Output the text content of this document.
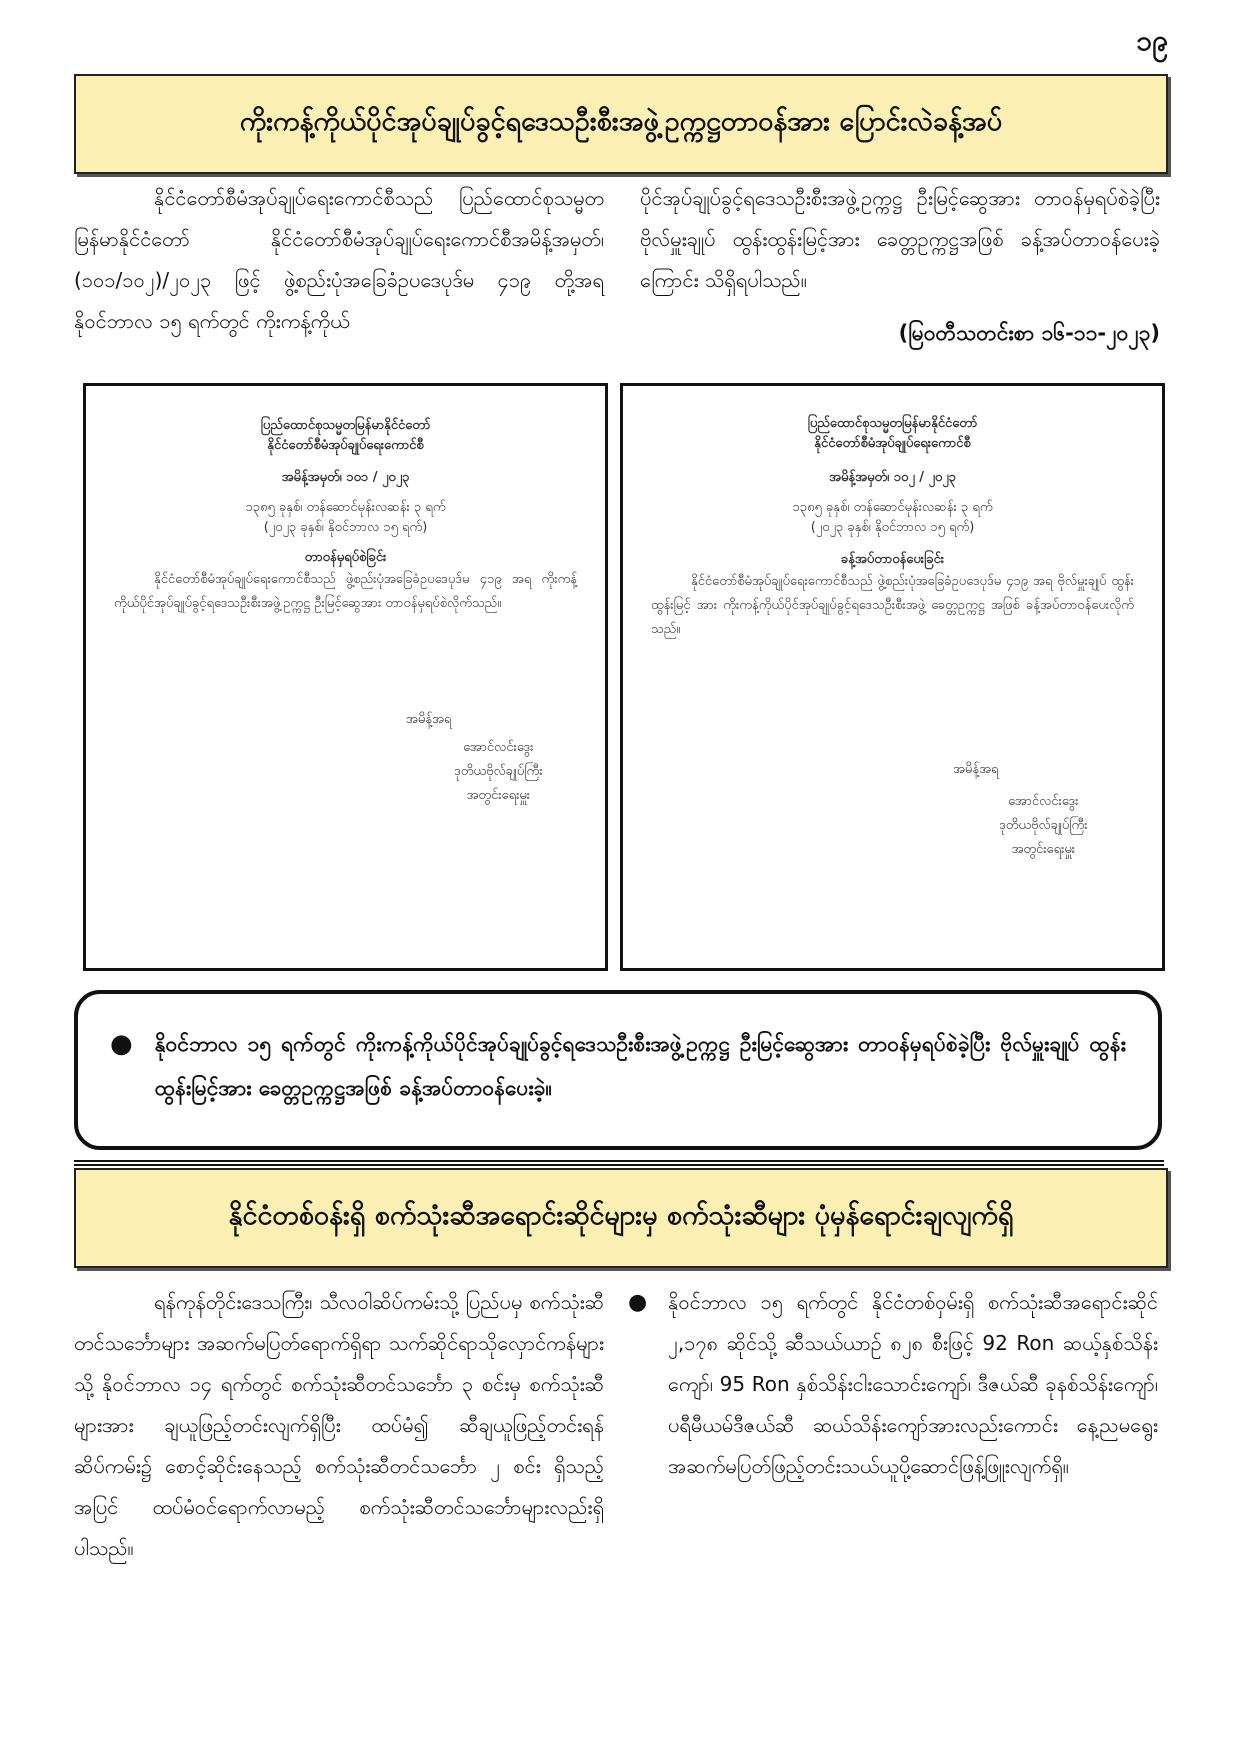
၁၉
ကိုးကန့်ကိုယ်ပိုင်အုပ်ချုပ်ခွင့်ရဒေသဦးစီးအဖွဲ့ဥက္ကဋ္ဌတာဝန်အား ပြောင်းလဲခန့်အပ်

နိုင်ငံတော်စီမံအုပ်ချုပ်ရေးကောင်စီသည် ပြည်ထောင်စုသမ္မတမြန်မာနိုင်ငံတော် နိုင်ငံတော်စီမံအုပ်ချုပ်ရေးကောင်စီအမိန့်အမှတ်၊ (၁၀၁/၁၀၂)/၂၀၂၃ ဖြင့် ဖွဲ့စည်းပုံအခြေခံဥပဒေပုဒ်မ ၄၁၉ တို့အရ နိုဝင်ဘာလ ၁၅ ရက်တွင် ကိုးကန့်ကိုယ်

ပိုင်အုပ်ချုပ်ခွင့်ရဒေသဦးစီးအဖွဲ့ဥက္ကဋ္ဌ ဦးမြင့်ဆွေအား တာဝန်မှရပ်စဲခဲ့ပြီး ဗိုလ်မှူးချုပ် ထွန်းထွန်းမြင့်အား ခေတ္တဥက္ကဋ္ဌအဖြစ် ခန့်အပ်တာဝန်ပေးခဲ့ကြောင်း သိရှိရပါသည်။

(မြဝတီသတင်းစာ ၁၆-၁၁-၂၀၂၃)
ပြည်ထောင်စုသမ္မတမြန်မာနိုင်ငံတော်
နိုင်ငံတော်စီမံအုပ်ချုပ်ရေးကောင်စီ
အမိန့်အမှတ်၊ ၁၀၁ / ၂၀၂၃
၁၃၈၅ ခုနှစ်၊ တန်ဆောင်မုန်းလဆန်း ၃ ရက်
(၂၀၂၃ ခုနှစ်၊ နိုဝင်ဘာလ ၁၅ ရက်)
တာဝန်မှရပ်စဲခြင်း
နိုင်ငံတော်စီမံအုပ်ချုပ်ရေးကောင်စီသည် ဖွဲ့စည်းပုံအခြေခံဥပဒေပုဒ်မ ၄၁၉ အရ ကိုးကန့်ကိုယ်ပိုင်အုပ်ချုပ်ခွင့်ရဒေသဦးစီးအဖွဲ့ဥက္ကဋ္ဌ ဦးမြင့်ဆွေအား တာဝန်မှရပ်စဲလိုက်သည်။
အမိန့်အရ
အောင်လင်းဒွေး
ဒုတိယဗိုလ်ချုပ်ကြီး
အတွင်းရေးမှူး
ပြည်ထောင်စုသမ္မတမြန်မာနိုင်ငံတော်
နိုင်ငံတော်စီမံအုပ်ချုပ်ရေးကောင်စီ
အမိန့်အမှတ်၊ ၁၀၂ / ၂၀၂၃
၁၃၈၅ ခုနှစ်၊ တန်ဆောင်မုန်းလဆန်း ၃ ရက်
(၂၀၂၃ ခုနှစ်၊ နိုဝင်ဘာလ ၁၅ ရက်)
ခန့်အပ်တာဝန်ပေးခြင်း
နိုင်ငံတော်စီမံအုပ်ချုပ်ရေးကောင်စီသည် ဖွဲ့စည်းပုံအခြေခံဥပဒေပုဒ်မ ၄၁၉ အရ ဗိုလ်မှူးချုပ် ထွန်းထွန်းမြင့် အား ကိုးကန့်ကိုယ်ပိုင်အုပ်ချုပ်ခွင့်ရဒေသဦးစီးအဖွဲ့ ခေတ္တဥက္ကဋ္ဌ အဖြစ် ခန့်အပ်တာဝန်ပေးလိုက်သည်။
အမိန့်အရ
အောင်လင်းဒွေး
ဒုတိယဗိုလ်ချုပ်ကြီး
အတွင်းရေးမှူး
● နိုဝင်ဘာလ ၁၅ ရက်တွင် ကိုးကန့်ကိုယ်ပိုင်အုပ်ချုပ်ခွင့်ရဒေသဦးစီးအဖွဲ့ဥက္ကဋ္ဌ ဦးမြင့်ဆွေအား တာဝန်မှရပ်စဲခဲ့ပြီး ဗိုလ်မှူးချုပ် ထွန်းထွန်းမြင့်အား ခေတ္တဥက္ကဋ္ဌအဖြစ် ခန့်အပ်တာဝန်ပေးခဲ့။
နိုင်ငံတစ်ဝန်းရှိ စက်သုံးဆီအရောင်းဆိုင်များမှ စက်သုံးဆီများ ပုံမှန်ရောင်းချလျက်ရှိ

ရန်ကုန်တိုင်းဒေသကြီး၊ သီလဝါဆိပ်ကမ်းသို့ ပြည်ပမှ စက်သုံးဆီတင်သင်္ဘောများ အဆက်မပြတ်ရောက်ရှိရာ သက်ဆိုင်ရာသိုလှောင်ကန်များသို့ နိုဝင်ဘာလ ၁၄ ရက်တွင် စက်သုံးဆီတင်သင်္ဘော ၃ စင်းမှ စက်သုံးဆီများအား ချယူဖြည့်တင်းလျက်ရှိပြီး ထပ်မံ၍ ဆီချယူဖြည့်တင်းရန် ဆိပ်ကမ်း၌ စောင့်ဆိုင်းနေသည့် စက်သုံးဆီတင်သင်္ဘော ၂ စင်း ရှိသည့်အပြင် ထပ်မံဝင်ရောက်လာမည့် စက်သုံးဆီတင်သင်္ဘောများလည်းရှိပါသည်။

● နိုဝင်ဘာလ ၁၅ ရက်တွင် နိုင်ငံတစ်ဝှမ်းရှိ စက်သုံးဆီအရောင်းဆိုင် ၂,၁၇၈ ဆိုင်သို့ ဆီသယ်ယာဉ် ၈၂၈ စီးဖြင့် 92 Ron ဆယ့်နှစ်သိန်းကျော်၊ 95 Ron နှစ်သိန်းငါးသောင်းကျော်၊ ဒီဇယ်ဆီ ခုနစ်သိန်းကျော်၊ ပရီမီယမ်ဒီဇယ်ဆီ ဆယ်သိန်းကျော်အားလည်းကောင်း နေ့ညမရွေး အဆက်မပြတ်ဖြည့်တင်းသယ်ယူပို့ဆောင်ဖြန့်ဖြူးလျက်ရှိ။
